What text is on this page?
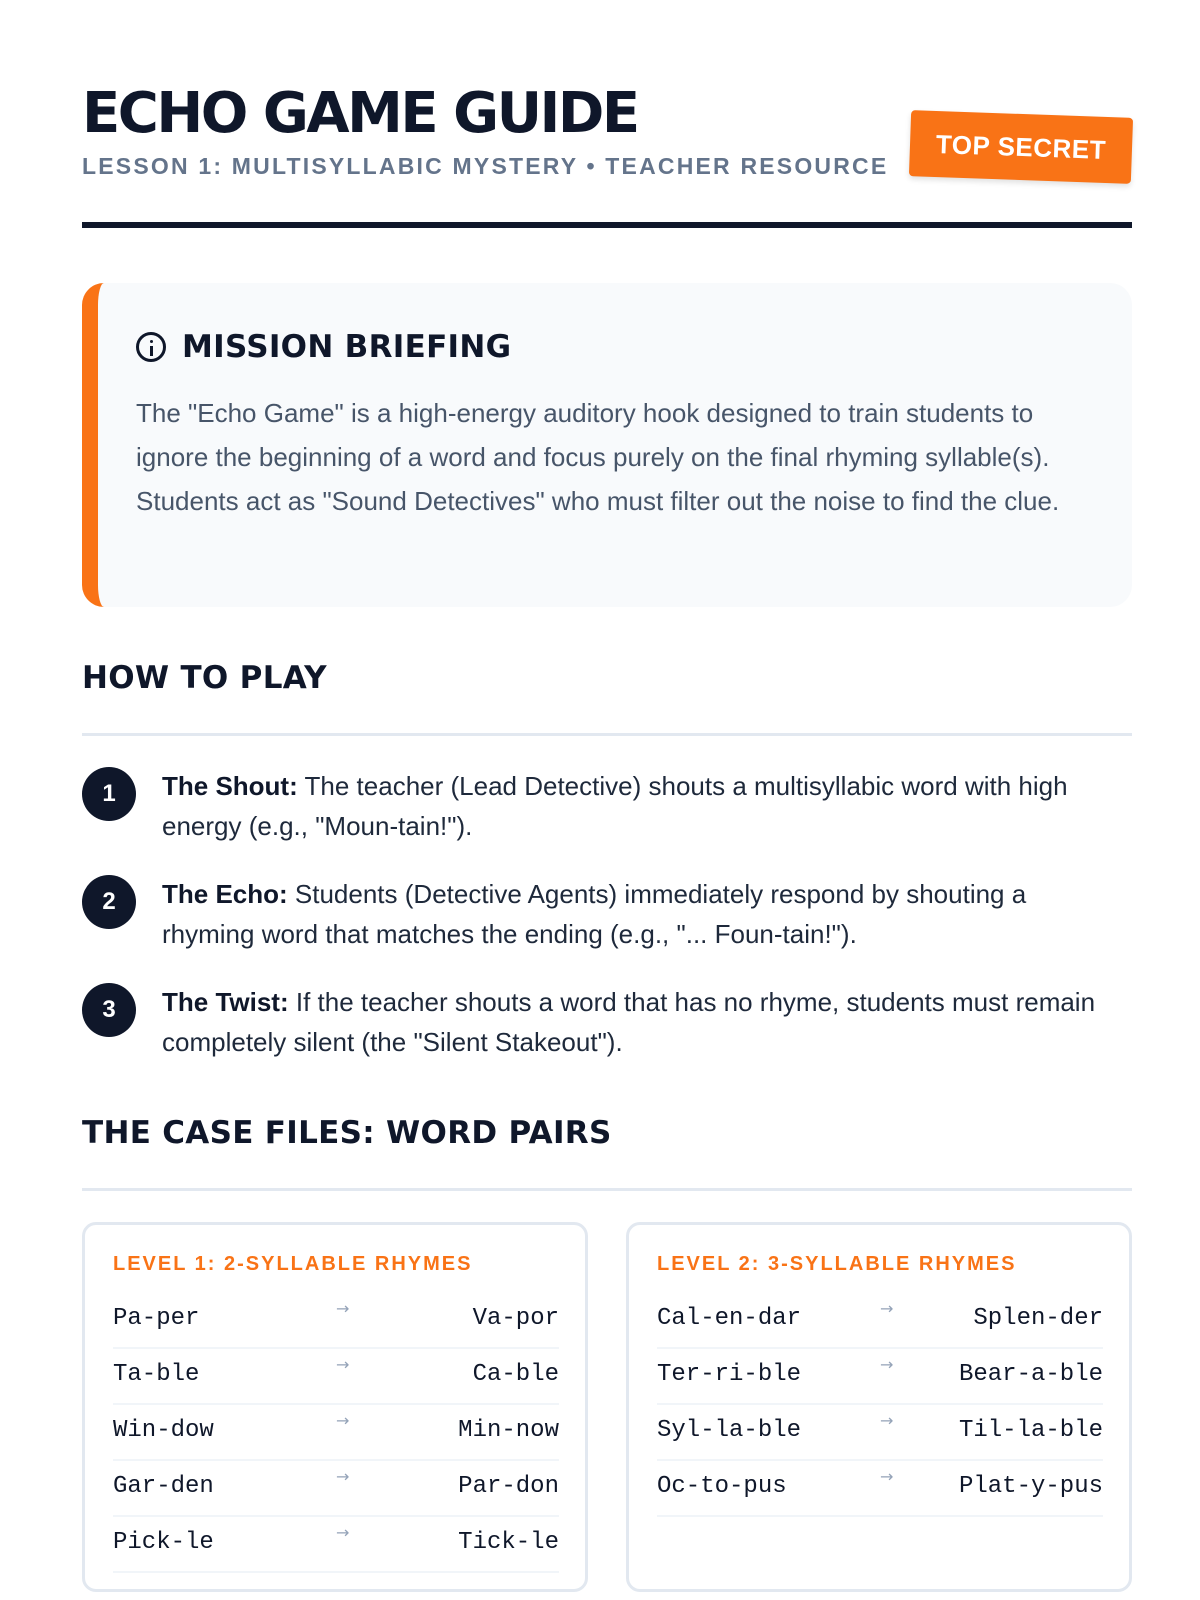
ECHO GAME GUIDE
LESSON 1: MULTISYLLABIC MYSTERY • TEACHER RESOURCE
TOP SECRET
MISSION BRIEFING

The "Echo Game" is a high-energy auditory hook designed to train students to ignore the beginning of a word and focus purely on the final rhyming syllable(s). Students act as "Sound Detectives" who must filter out the noise to find the clue.

HOW TO PLAY
1	The Shout: The teacher (Lead Detective) shouts a multisyllabic word with high energy (e.g., "Moun-tain!").

2	The Echo: Students (Detective Agents) immediately respond by shouting a rhyming word that matches the ending (e.g., "... Foun-tain!").

3	The Twist: If the teacher shouts a word that has no rhyme, students must remain completely silent (the "Silent Stakeout").

THE CASE FILES: WORD PAIRS
LEVEL 1: 2-SYLLABLE RHYMES
Pa-per	→	Va-por
Ta-ble	→	Ca-ble
Win-dow	→	Min-now
Gar-den	→	Par-don
Pick-le	→	Tick-le
LEVEL 2: 3-SYLLABLE RHYMES
Cal-en-dar	→	Splen-der
Ter-ri-ble	→	Bear-a-ble
Syl-la-ble	→	Til-la-ble
Oc-to-pus	→	Plat-y-pus
